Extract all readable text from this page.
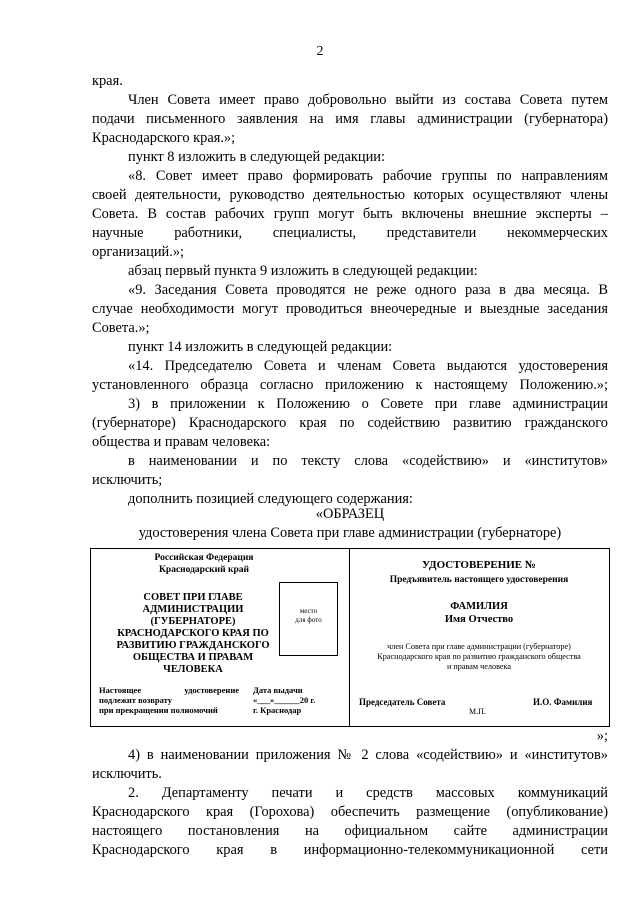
2
края.
Член Совета имеет право добровольно выйти из состава Совета путем
подачи письменного заявления на имя главы администрации (губернатора)
Краснодарского края.»;
пункт 8 изложить в следующей редакции:
«8. Совет имеет право формировать рабочие группы по направлениям
своей деятельности, руководство деятельностью которых осуществляют члены
Совета. В состав рабочих групп могут быть включены внешние эксперты –
научные работники, специалисты, представители некоммерческих
организаций.»;
абзац первый пункта 9 изложить в следующей редакции:
«9. Заседания Совета проводятся не реже одного раза в два месяца. В
случае необходимости могут проводиться внеочередные и выездные заседания
Совета.»;
пункт 14 изложить в следующей редакции:
«14. Председателю Совета и членам Совета выдаются удостоверения
установленного образца согласно приложению к настоящему Положению.»;
3) в приложении к Положению о Совете при главе администрации
(губернаторе) Краснодарского края по содействию развитию гражданского
общества и правам человека:
в наименовании и по тексту слова «содействию» и «институтов»
исключить;
дополнить позицией следующего содержания:
«ОБРАЗЕЦ
удостоверения члена Совета при главе администрации (губернаторе)
Российская Федерация
Краснодарский край
СОВЕТ ПРИ ГЛАВЕ
АДМИНИСТРАЦИИ
(ГУБЕРНАТОРЕ)
КРАСНОДАРСКОГО КРАЯ ПО
РАЗВИТИЮ ГРАЖДАНСКОГО
ОБЩЕСТВА И ПРАВАМ
ЧЕЛОВЕКА
место
для фото
Настоящее удостоверение
подлежит возврату
при прекращении полномочий
Дата выдачи
«___»______20 г.
г. Краснодар
УДОСТОВЕРЕНИЕ №
Предъявитель настоящего удостоверения
ФАМИЛИЯ
Имя Отчество
член Совета при главе администрации (губернаторе)
Краснодарского края по развитию гражданского общества
и правам человека
Председатель Совета
М.П.
И.О. Фамилия
»;
4) в наименовании приложения № 2 слова «содействию» и «институтов»
исключить.
2. Департаменту печати и средств массовых коммуникаций
Краснодарского края (Горохова) обеспечить размещение (опубликование)
настоящего постановления на официальном сайте администрации
Краснодарского края в информационно-телекоммуникационной сети
